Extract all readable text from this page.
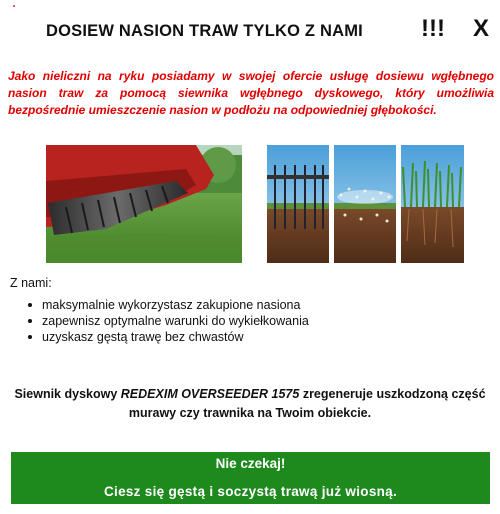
DOSIEW NASION TRAW TYLKO Z NAMI !!! X

Jako nieliczni na ryku posiadamy w swojej ofercie usługę dosiewu wgłębnego nasion traw za pomocą siewnika wgłębnego dyskowego, który umożliwia bezpośrednie umieszczenie nasion w podłożu na odpowiedniej głębokości.

Z nami:
maksymalnie wykorzystasz zakupione nasiona
zapewnisz optymalne warunki do wykiełkowania
uzyskasz gęstą trawę bez chwastów

Siewnik dyskowy REDEXIM OVERSEEDER 1575 zregeneruje uszkodzoną część murawy czy trawnika na Twoim obiekcie.

Nie czekaj!
Ciesz się gęstą i soczystą trawą już wiosną.
